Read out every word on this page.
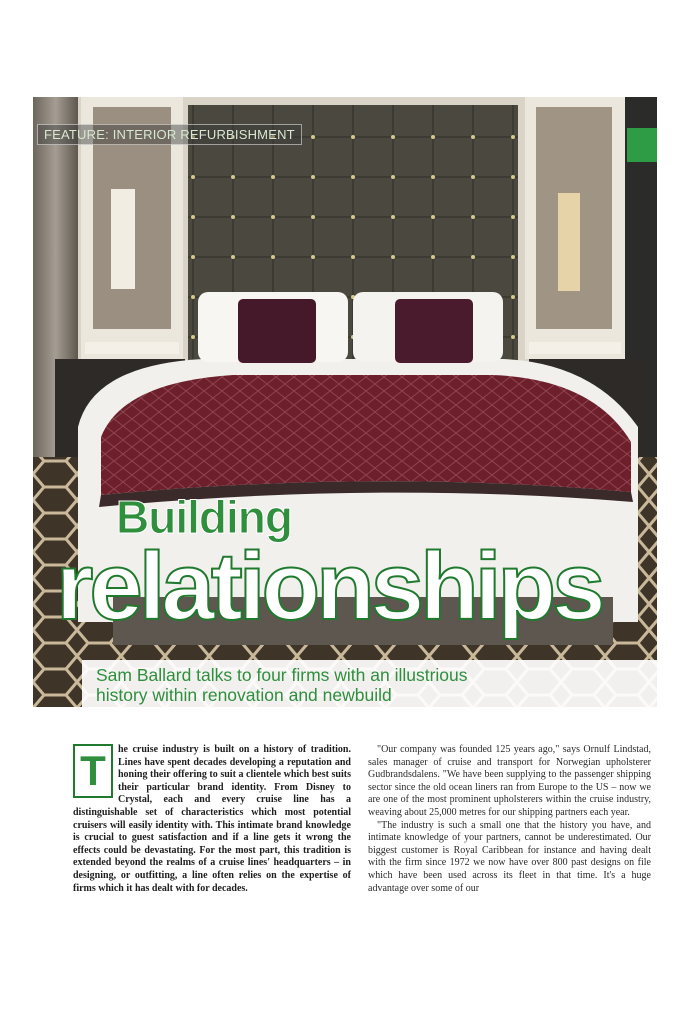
FEATURE: INTERIOR REFURBISHMENT
Building
relationships

Sam Ballard talks to four firms with an illustrious
history within renovation and newbuild

T	he cruise industry is built on a history of tradition. Lines have spent decades developing a reputation and honing their offering to suit a clientele which best suits their particular brand identity. From Disney to Crystal, each and every cruise line has a distinguishable set of characteristics which most potential cruisers will easily identity with. This intimate brand knowledge is crucial to guest satisfaction and if a line gets it wrong the effects could be devastating. For the most part, this tradition is extended beyond the realms of a cruise lines' headquarters – in designing, or outfitting, a line often relies on the expertise of firms which it has dealt with for decades.

"Our company was founded 125 years ago," says Ornulf Lindstad, sales manager of cruise and transport for Norwegian upholsterer Gudbrandsdalens. "We have been supplying to the passenger shipping sector since the old ocean liners ran from Europe to the US – now we are one of the most prominent upholsterers within the cruise industry, weaving about 25,000 metres for our shipping partners each year.

"The industry is such a small one that the history you have, and intimate knowledge of your partners, cannot be underestimated. Our biggest customer is Royal Caribbean for instance and having dealt with the firm since 1972 we now have over 800 past designs on file which have been used across its fleet in that time. It's a huge advantage over some of our
